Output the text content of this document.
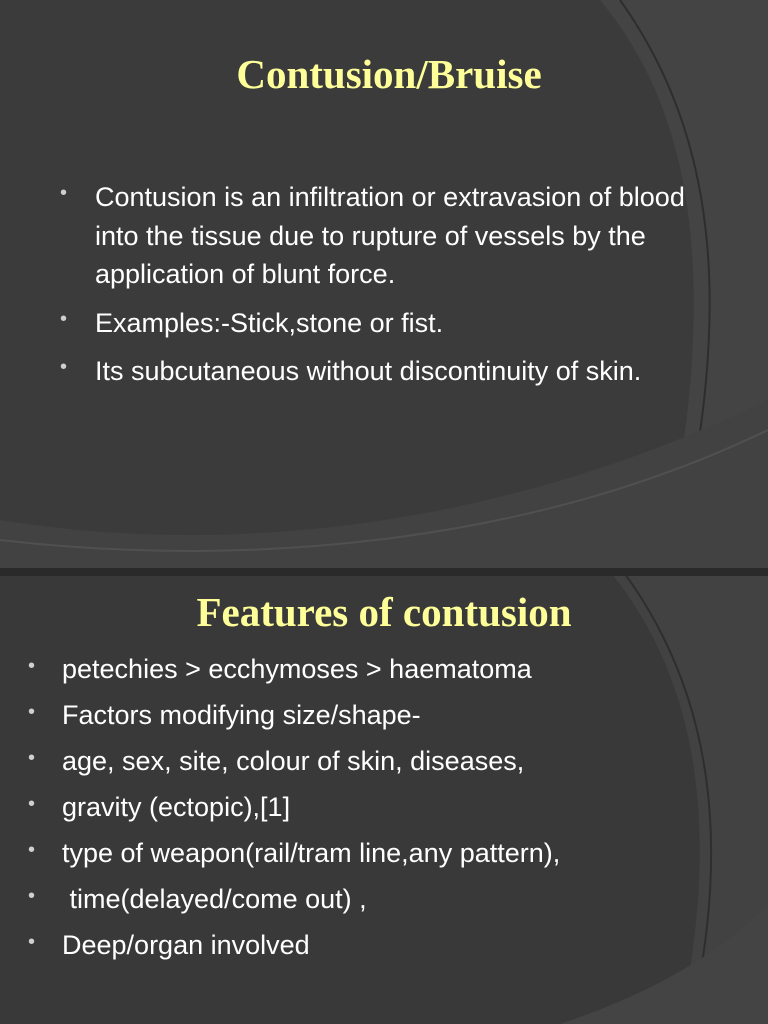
Contusion/Bruise
• Contusion is an infiltration or extravasion of blood into the tissue due to rupture of vessels by the application of blunt force.
• Examples:-Stick,stone or fist.
• Its subcutaneous without discontinuity of skin.
Features of contusion
• petechies > ecchymoses > haematoma
• Factors modifying size/shape-
• age, sex, site, colour of skin, diseases,
• gravity (ectopic),[1]
• type of weapon(rail/tram line,any pattern),
• time(delayed/come out) ,
• Deep/organ involved
